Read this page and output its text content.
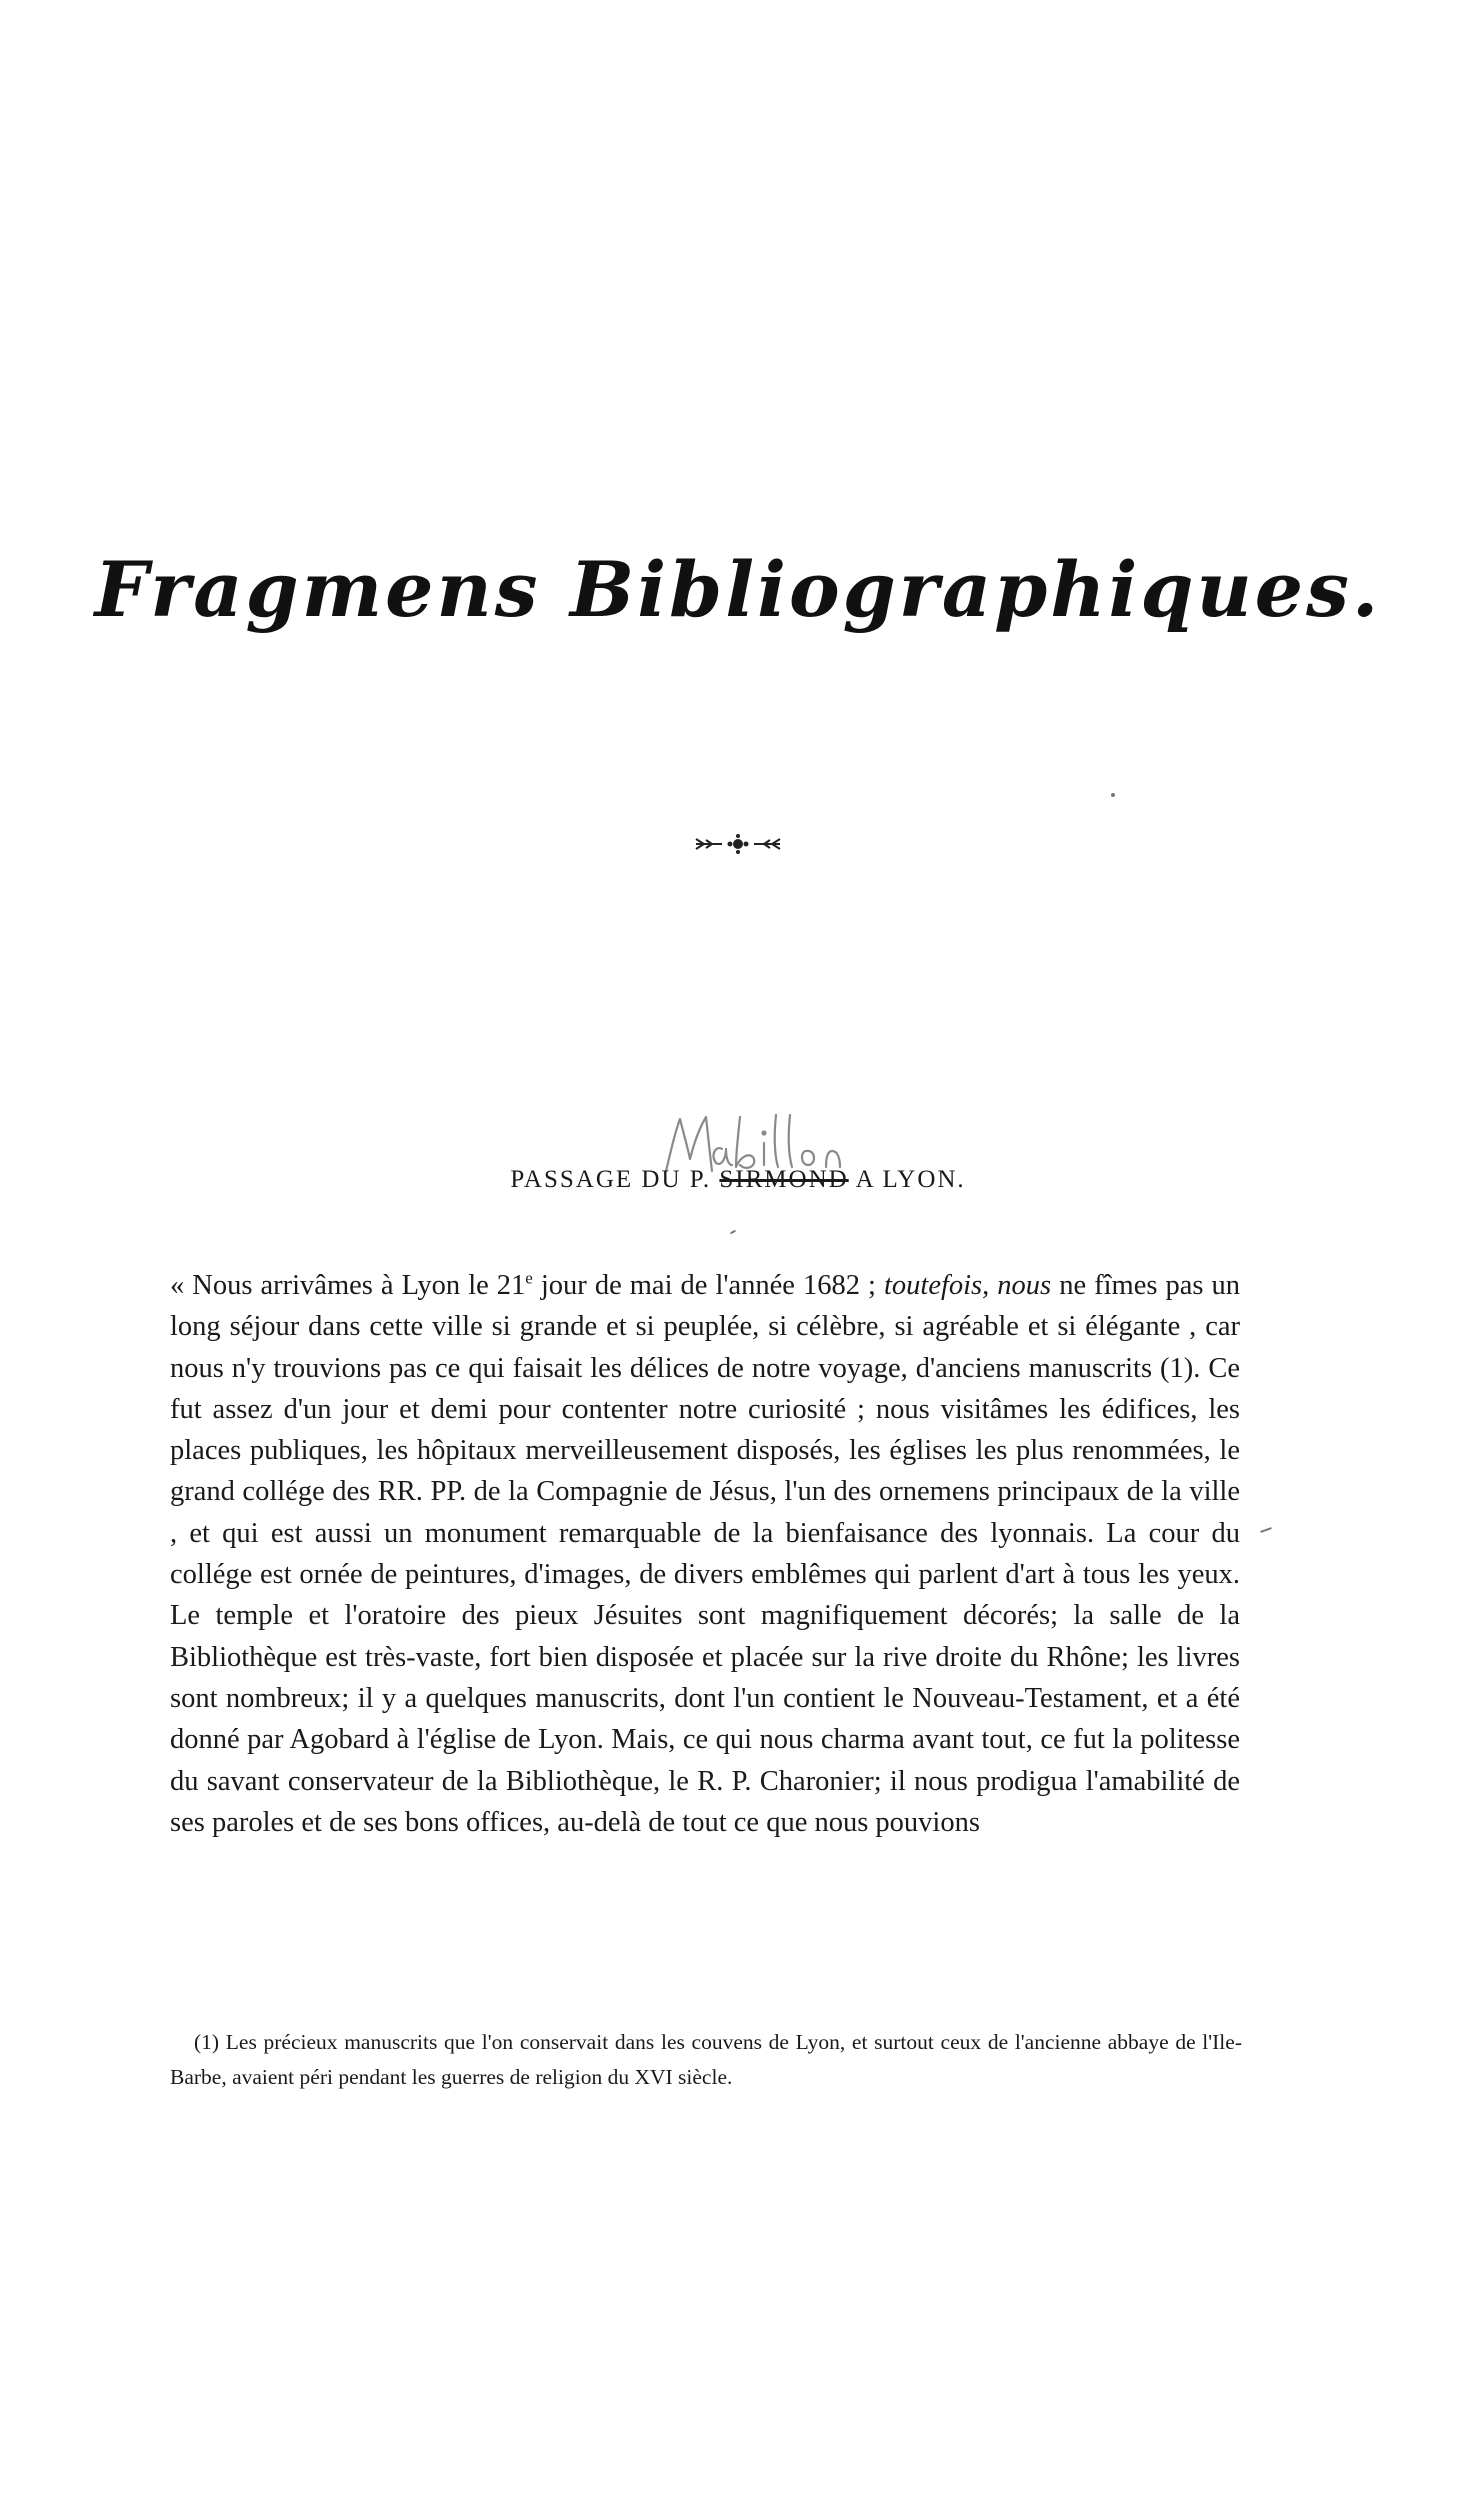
Fragmens Bibliographiques.
PASSAGE DU P. SIRMOND A LYON.

« Nous arrivâmes à Lyon le 21e jour de mai de l'année 1682 ; toutefois, nous ne fîmes pas un long séjour dans cette ville si grande et si peuplée, si célèbre, si agréable et si élégante , car nous n'y trouvions pas ce qui faisait les délices de notre voyage, d'anciens manuscrits (1). Ce fut assez d'un jour et demi pour contenter notre curiosité ; nous visitâmes les édifices, les places publiques, les hôpitaux merveilleusement disposés, les églises les plus renommées, le grand collége des RR. PP. de la Compagnie de Jésus, l'un des ornemens principaux de la ville , et qui est aussi un monument remarquable de la bienfaisance des lyonnais. La cour du collége est ornée de peintures, d'images, de divers emblêmes qui parlent d'art à tous les yeux. Le temple et l'oratoire des pieux Jésuites sont magnifiquement décorés; la salle de la Bibliothèque est très-vaste, fort bien disposée et placée sur la rive droite du Rhône; les livres sont nombreux; il y a quelques manuscrits, dont l'un contient le Nouveau-Testament, et a été donné par Agobard à l'église de Lyon. Mais, ce qui nous charma avant tout, ce fut la politesse du savant conservateur de la Bibliothèque, le R. P. Charonier; il nous prodigua l'amabilité de ses paroles et de ses bons offices, au-delà de tout ce que nous pouvions

(1) Les précieux manuscrits que l'on conservait dans les couvens de Lyon, et surtout ceux de l'ancienne abbaye de l'Ile-Barbe, avaient péri pendant les guerres de religion du XVI siècle.
